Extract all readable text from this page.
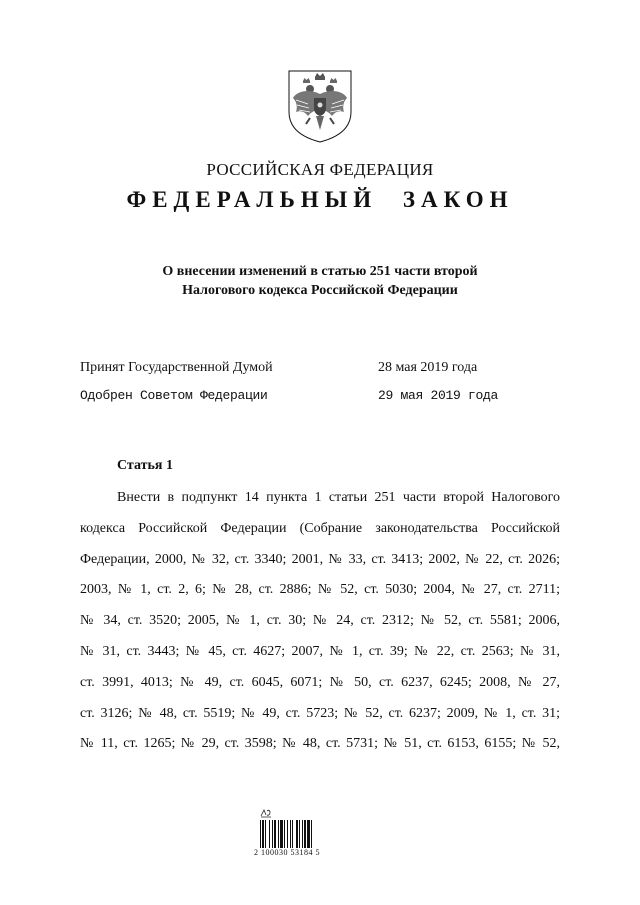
РОССИЙСКАЯ ФЕДЕРАЦИЯ
ФЕДЕРАЛЬНЫЙ ЗАКОН
О внесении изменений в статью 251 части второй
Налогового кодекса Российской Федерации
Принят Государственной Думой	28 мая 2019 года
Одобрен Советом Федерации	29 мая 2019 года
Статья 1
Внести в подпункт 14 пункта 1 статьи 251 части второй Налогового
кодекса Российской Федерации (Собрание законодательства Российской
Федерации, 2000, № 32, ст. 3340; 2001, № 33, ст. 3413; 2002, № 22, ст. 2026;
2003, № 1, ст. 2, 6; № 28, ст. 2886; № 52, ст. 5030; 2004, № 27, ст. 2711;
№ 34, ст. 3520; 2005, № 1, ст. 30; № 24, ст. 2312; № 52, ст. 5581; 2006,
№ 31, ст. 3443; № 45, ст. 4627; 2007, № 1, ст. 39; № 22, ст. 2563; № 31,
ст. 3991, 4013; № 49, ст. 6045, 6071; № 50, ст. 6237, 6245; 2008, № 27,
ст. 3126; № 48, ст. 5519; № 49, ст. 5723; № 52, ст. 6237; 2009, № 1, ст. 31;
№ 11, ст. 1265; № 29, ст. 3598; № 48, ст. 5731; № 51, ст. 6153, 6155; № 52,
2 100030 53184 5
